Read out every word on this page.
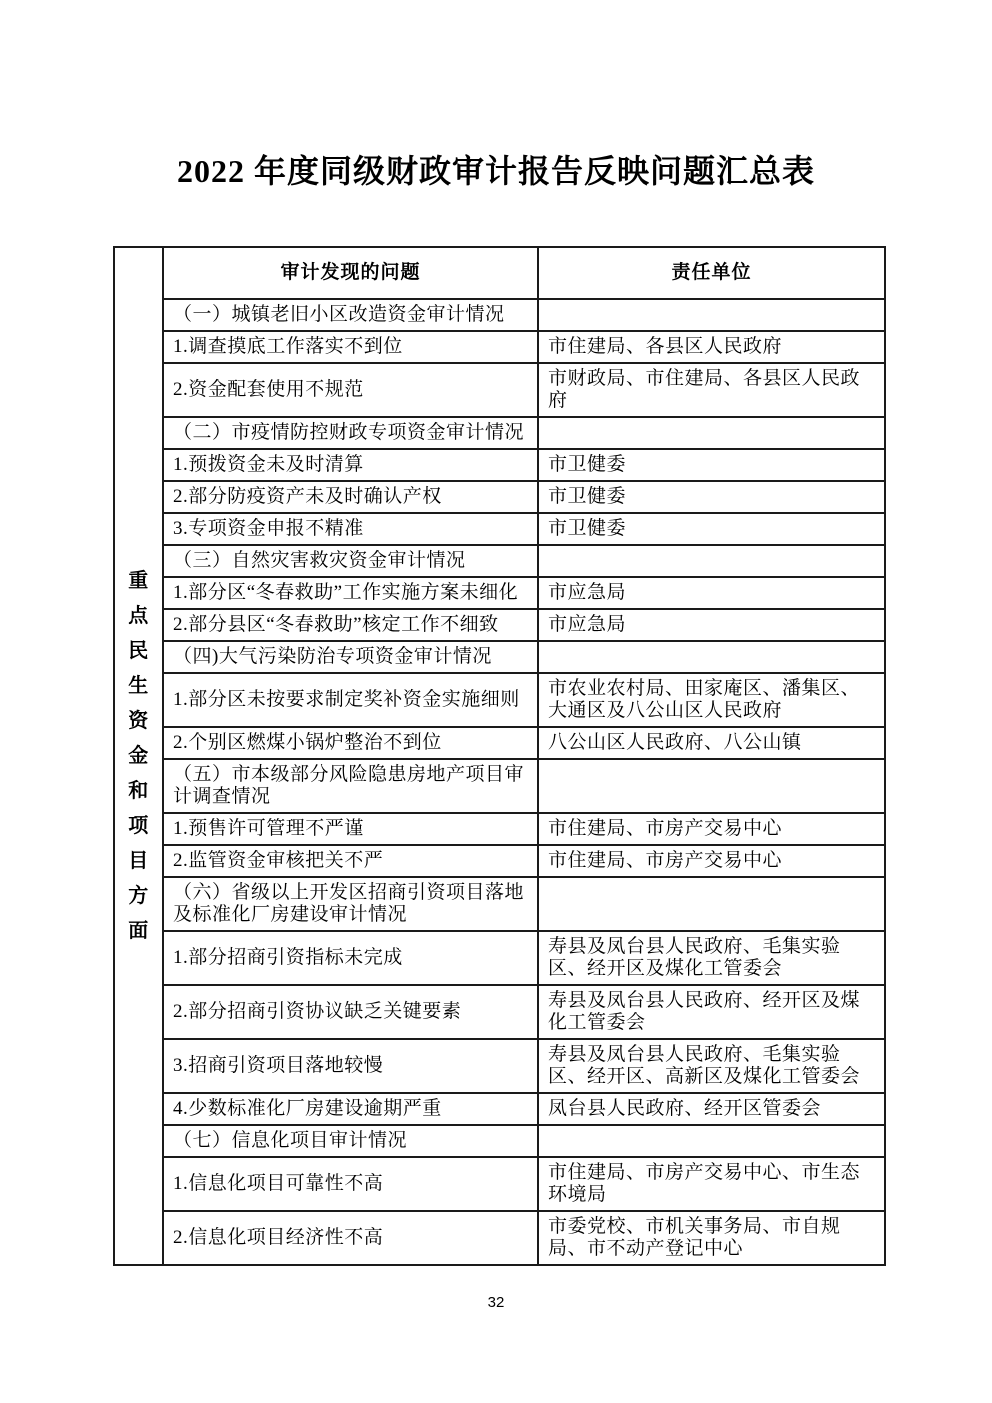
2022 年度同级财政审计报告反映问题汇总表
重
点
民
生
资
金
和
项
目
方
面
	审计发现的问题	责任单位
	（一）城镇老旧小区改造资金审计情况	
	1.调查摸底工作落实不到位	市住建局、各县区人民政府
	2.资金配套使用不规范	市财政局、市住建局、各县区人民政府
	（二）市疫情防控财政专项资金审计情况	
	1.预拨资金未及时清算	市卫健委
	2.部分防疫资产未及时确认产权	市卫健委
	3.专项资金申报不精准	市卫健委
	（三）自然灾害救灾资金审计情况	
	1.部分区“冬春救助”工作实施方案未细化	市应急局
	2.部分县区“冬春救助”核定工作不细致	市应急局
	（四)大气污染防治专项资金审计情况	
	1.部分区未按要求制定奖补资金实施细则	市农业农村局、田家庵区、潘集区、大通区及八公山区人民政府
	2.个别区燃煤小锅炉整治不到位	八公山区人民政府、八公山镇
	（五）市本级部分风险隐患房地产项目审计调查情况	
	1.预售许可管理不严谨	市住建局、市房产交易中心
	2.监管资金审核把关不严	市住建局、市房产交易中心
	（六）省级以上开发区招商引资项目落地及标准化厂房建设审计情况	
	1.部分招商引资指标未完成	寿县及凤台县人民政府、毛集实验区、经开区及煤化工管委会
	2.部分招商引资协议缺乏关键要素	寿县及凤台县人民政府、经开区及煤化工管委会
	3.招商引资项目落地较慢	寿县及凤台县人民政府、毛集实验区、经开区、高新区及煤化工管委会
	4.少数标准化厂房建设逾期严重	凤台县人民政府、经开区管委会
	（七）信息化项目审计情况	
	1.信息化项目可靠性不高	市住建局、市房产交易中心、市生态环境局
	2.信息化项目经济性不高	市委党校、市机关事务局、市自规局、市不动产登记中心
32
